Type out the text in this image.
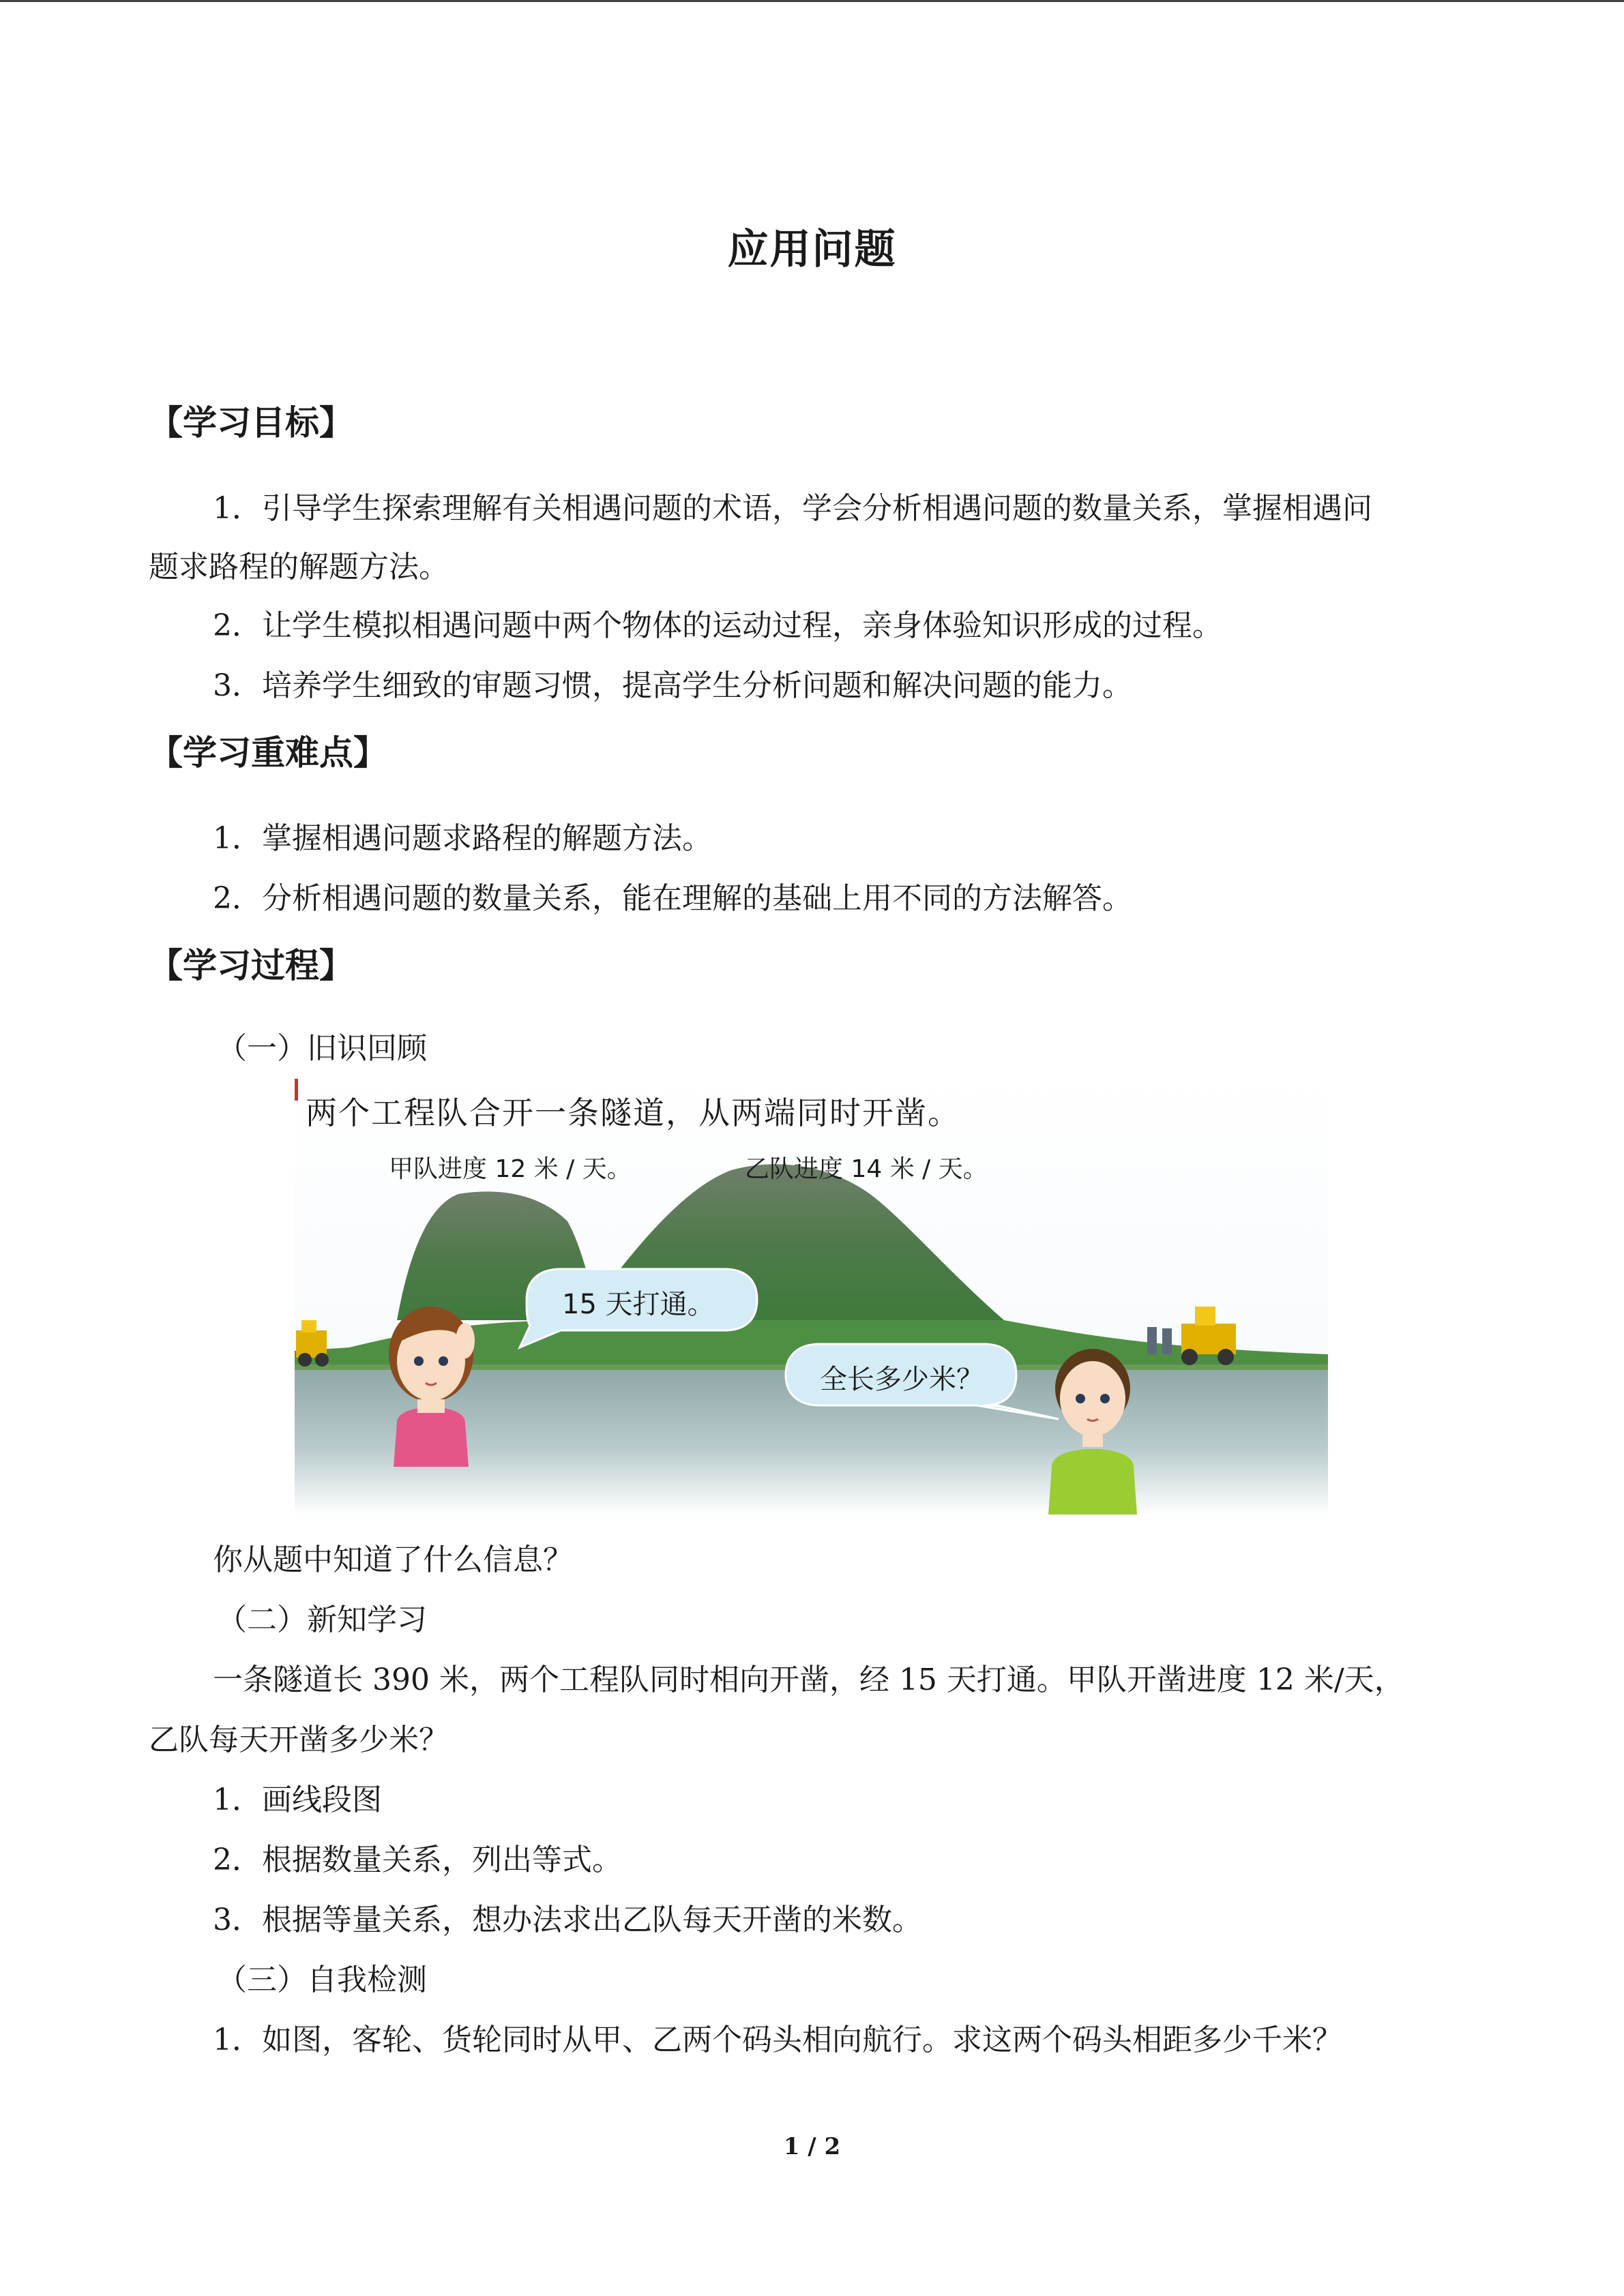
应用问题
【学习目标】
1．引导学生探索理解有关相遇问题的术语，学会分析相遇问题的数量关系，掌握相遇问
题求路程的解题方法。
2．让学生模拟相遇问题中两个物体的运动过程，亲身体验知识形成的过程。
3．培养学生细致的审题习惯，提高学生分析问题和解决问题的能力。
【学习重难点】
1．掌握相遇问题求路程的解题方法。
2．分析相遇问题的数量关系，能在理解的基础上用不同的方法解答。
【学习过程】
（一）旧识回顾
两个工程队合开一条隧道，从两端同时开凿。
甲队进度 12 米 / 天。	乙队进度 14 米 / 天。
15 天打通。
全长多少米？
你从题中知道了什么信息？
（二）新知学习
一条隧道长 390 米，两个工程队同时相向开凿，经 15 天打通。甲队开凿进度 12 米/天，
乙队每天开凿多少米？
1．画线段图
2．根据数量关系，列出等式。
3．根据等量关系，想办法求出乙队每天开凿的米数。
（三）自我检测
1．如图，客轮、货轮同时从甲、乙两个码头相向航行。求这两个码头相距多少千米？
1 / 2
